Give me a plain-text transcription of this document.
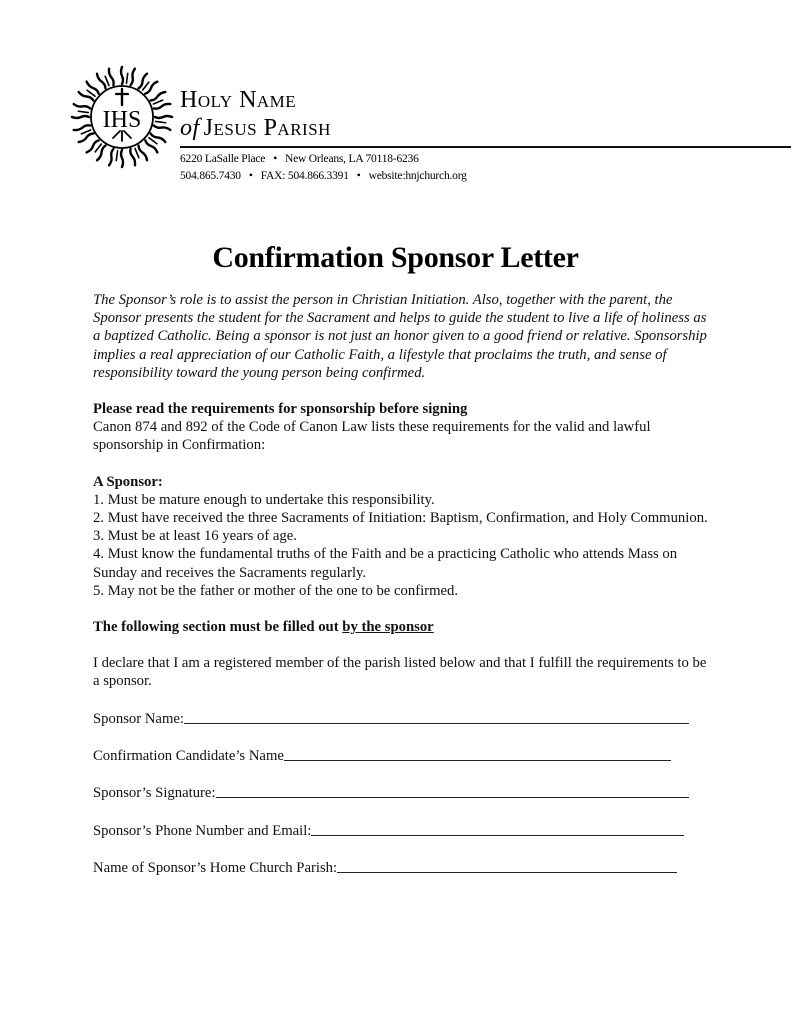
IHS
Holy Name
of Jesus Parish
6220 LaSalle Place • New Orleans, LA 70118-6236
504.865.7430 • FAX: 504.866.3391 • website:hnjchurch.org
Confirmation Sponsor Letter

The Sponsor’s role is to assist the person in Christian Initiation. Also, together with the parent, the Sponsor presents the student for the Sacrament and helps to guide the student to live a life of holiness as a baptized Catholic. Being a sponsor is not just an honor given to a good friend or relative. Sponsorship implies a real appreciation of our Catholic Faith, a lifestyle that proclaims the truth, and sense of responsibility toward the young person being confirmed.

Please read the requirements for sponsorship before signing

Canon 874 and 892 of the Code of Canon Law lists these requirements for the valid and lawful sponsorship in Confirmation:

A Sponsor:

1. Must be mature enough to undertake this responsibility.

2. Must have received the three Sacraments of Initiation: Baptism, Confirmation, and Holy Communion.

3. Must be at least 16 years of age.

4. Must know the fundamental truths of the Faith and be a practicing Catholic who attends Mass on Sunday and receives the Sacraments regularly.

5. May not be the father or mother of the one to be confirmed.

The following section must be filled out by the sponsor

I declare that I am a registered member of the parish listed below and that I fulfill the requirements to be a sponsor.

Sponsor Name:
Confirmation Candidate’s Name
Sponsor’s Signature:
Sponsor’s Phone Number and Email:
Name of Sponsor’s Home Church Parish:
